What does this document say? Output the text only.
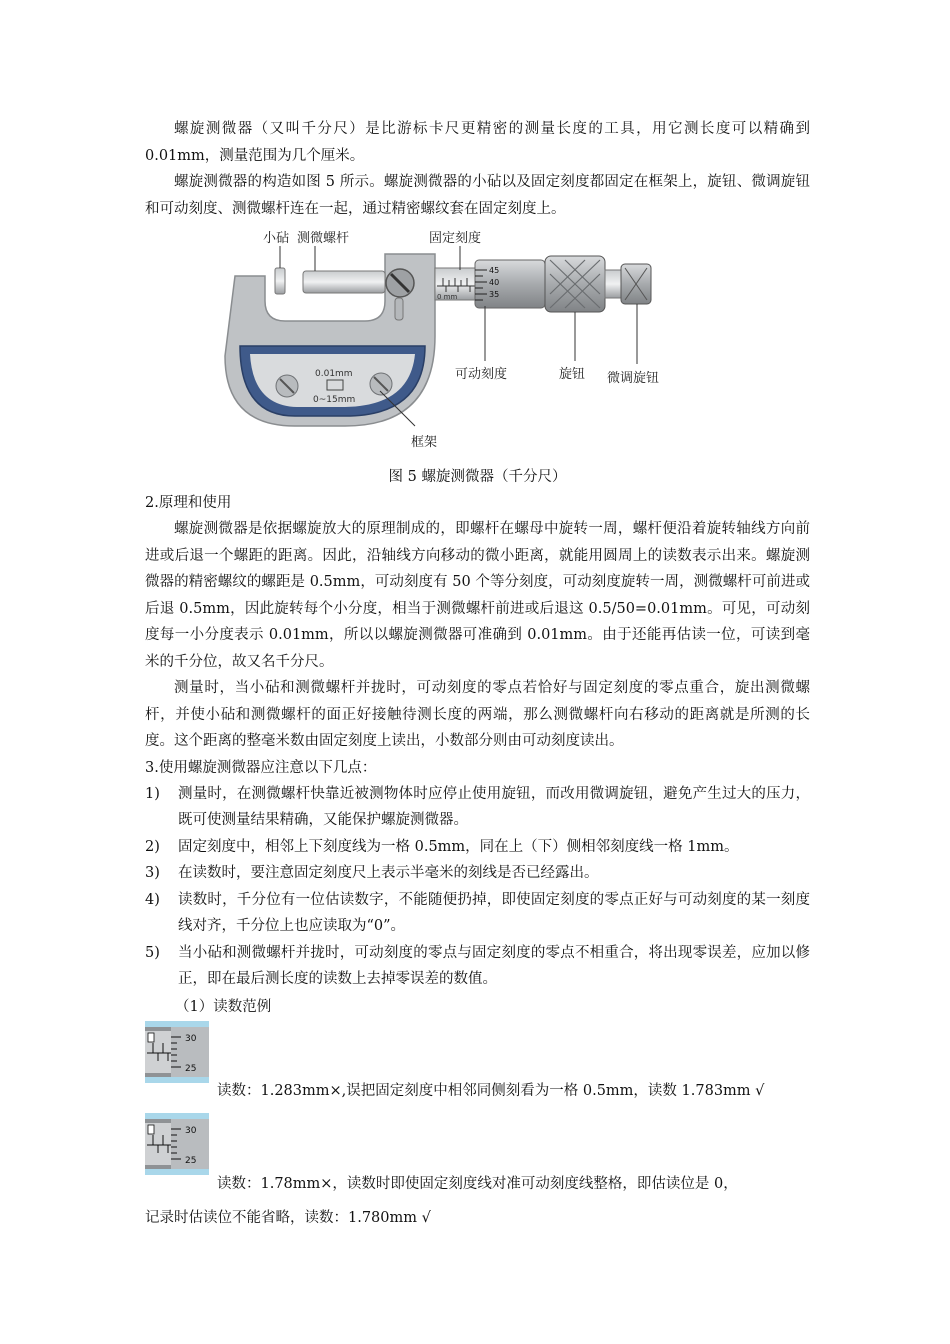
螺旋测微器（又叫千分尺）是比游标卡尺更精密的测量长度的工具，用它测长度可以精确到 0.01mm，测量范围为几个厘米。

螺旋测微器的构造如图 5 所示。螺旋测微器的小砧以及固定刻度都固定在框架上，旋钮、微调旋钮和可动刻度、测微螺杆连在一起，通过精密螺纹套在固定刻度上。

0.01mm
0~15mm
0 mm
45
40
35
小砧 测微螺杆	固定刻度
可动刻度	旋钮 微调旋钮
框架
图 5 螺旋测微器（千分尺）
2.原理和使用

螺旋测微器是依据螺旋放大的原理制成的，即螺杆在螺母中旋转一周，螺杆便沿着旋转轴线方向前进或后退一个螺距的距离。因此，沿轴线方向移动的微小距离，就能用圆周上的读数表示出来。螺旋测微器的精密螺纹的螺距是 0.5mm，可动刻度有 50 个等分刻度，可动刻度旋转一周，测微螺杆可前进或后退 0.5mm，因此旋转每个小分度，相当于测微螺杆前进或后退这 0.5/50=0.01mm。可见，可动刻度每一小分度表示 0.01mm，所以以螺旋测微器可准确到 0.01mm。由于还能再估读一位，可读到毫米的千分位，故又名千分尺。

测量时，当小砧和测微螺杆并拢时，可动刻度的零点若恰好与固定刻度的零点重合，旋出测微螺杆，并使小砧和测微螺杆的面正好接触待测长度的两端，那么测微螺杆向右移动的距离就是所测的长度。这个距离的整毫米数由固定刻度上读出，小数部分则由可动刻度读出。

3.使用螺旋测微器应注意以下几点：
1) 测量时，在测微螺杆快靠近被测物体时应停止使用旋钮，而改用微调旋钮，避免产生过大的压力，既可使测量结果精确，又能保护螺旋测微器。
2) 固定刻度中，相邻上下刻度线为一格 0.5mm，同在上（下）侧相邻刻度线一格 1mm。
3) 在读数时，要注意固定刻度尺上表示半毫米的刻线是否已经露出。
4) 读数时，千分位有一位估读数字，不能随便扔掉，即使固定刻度的零点正好与可动刻度的某一刻度线对齐，千分位上也应读取为“0”。
5) 当小砧和测微螺杆并拢时，可动刻度的零点与固定刻度的零点不相重合，将出现零误差，应加以修正，即在最后测长度的读数上去掉零误差的数值。
（1）读数范例
30
25
读数：1.283mm×,误把固定刻度中相邻同侧刻看为一格 0.5mm，读数 1.783mm √
30
25
读数：1.78mm×，读数时即使固定刻度线对准可动刻度线整格，即估读位是 0，
记录时估读位不能省略，读数：1.780mm √
